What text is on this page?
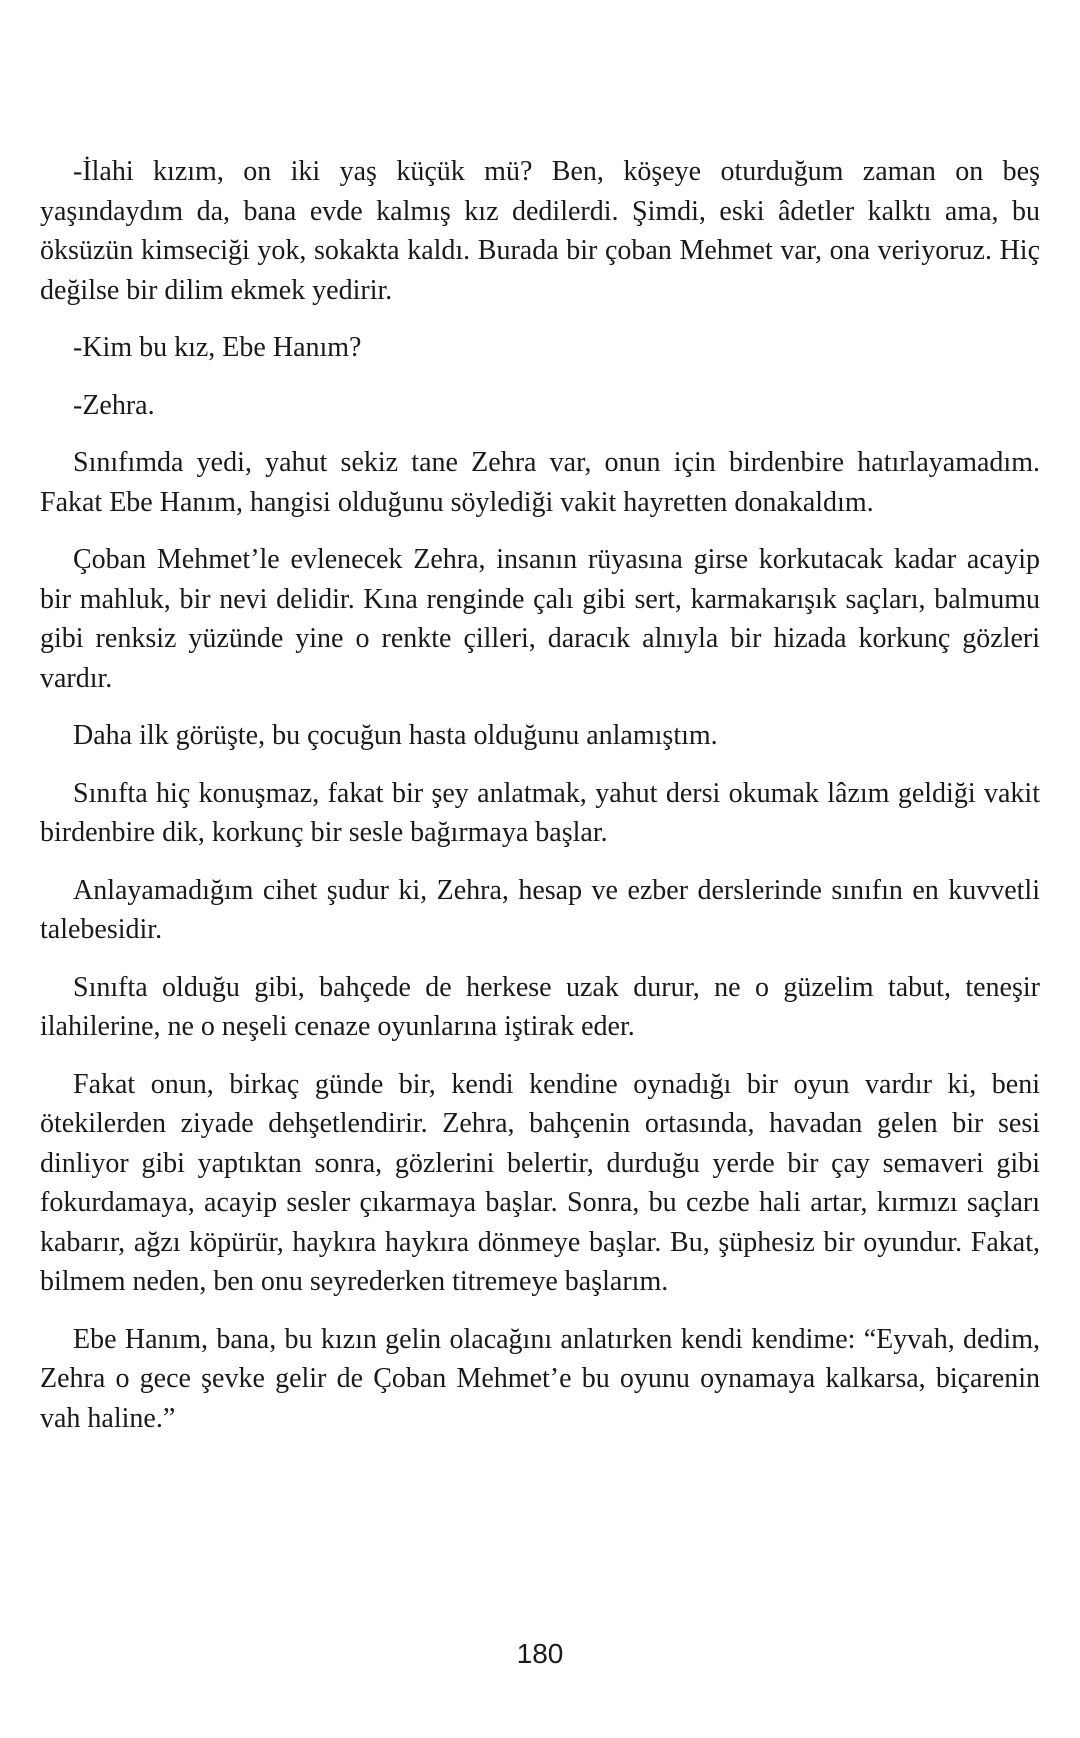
-İlahi kızım, on iki yaş küçük mü? Ben, köşeye oturduğum zaman on beş yaşındaydım da, bana evde kalmış kız dedilerdi. Şimdi, eski âdetler kalktı ama, bu öksüzün kimseciği yok, sokakta kaldı. Burada bir çoban Mehmet var, ona veriyoruz. Hiç değilse bir dilim ekmek yedirir.

-Kim bu kız, Ebe Hanım?

-Zehra.

Sınıfımda yedi, yahut sekiz tane Zehra var, onun için birdenbire hatırlayamadım. Fakat Ebe Hanım, hangisi olduğunu söylediği vakit hayretten donakaldım.

Çoban Mehmet’le evlenecek Zehra, insanın rüyasına girse korkutacak kadar acayip bir mahluk, bir nevi delidir. Kına renginde çalı gibi sert, karmakarışık saçları, balmumu gibi renksiz yüzünde yine o renkte çilleri, daracık alnıyla bir hizada korkunç gözleri vardır.

Daha ilk görüşte, bu çocuğun hasta olduğunu anlamıştım.

Sınıfta hiç konuşmaz, fakat bir şey anlatmak, yahut dersi okumak lâzım geldiği vakit birdenbire dik, korkunç bir sesle bağırmaya başlar.

Anlayamadığım cihet şudur ki, Zehra, hesap ve ezber derslerinde sınıfın en kuvvetli talebesidir.

Sınıfta olduğu gibi, bahçede de herkese uzak durur, ne o güzelim tabut, teneşir ilahilerine, ne o neşeli cenaze oyunlarına iştirak eder.

Fakat onun, birkaç günde bir, kendi kendine oynadığı bir oyun vardır ki, beni ötekilerden ziyade dehşetlendirir. Zehra, bahçenin ortasında, havadan gelen bir sesi dinliyor gibi yaptıktan sonra, gözlerini belertir, durduğu yerde bir çay semaveri gibi fokurdamaya, acayip sesler çıkarmaya başlar. Sonra, bu cezbe hali artar, kırmızı saçları kabarır, ağzı köpürür, haykıra haykıra dönmeye başlar. Bu, şüphesiz bir oyundur. Fakat, bilmem neden, ben onu seyrederken titremeye başlarım.

Ebe Hanım, bana, bu kızın gelin olacağını anlatırken kendi kendime: “Eyvah, dedim, Zehra o gece şevke gelir de Çoban Mehmet’e bu oyunu oynamaya kalkarsa, biçarenin vah haline.”

180
